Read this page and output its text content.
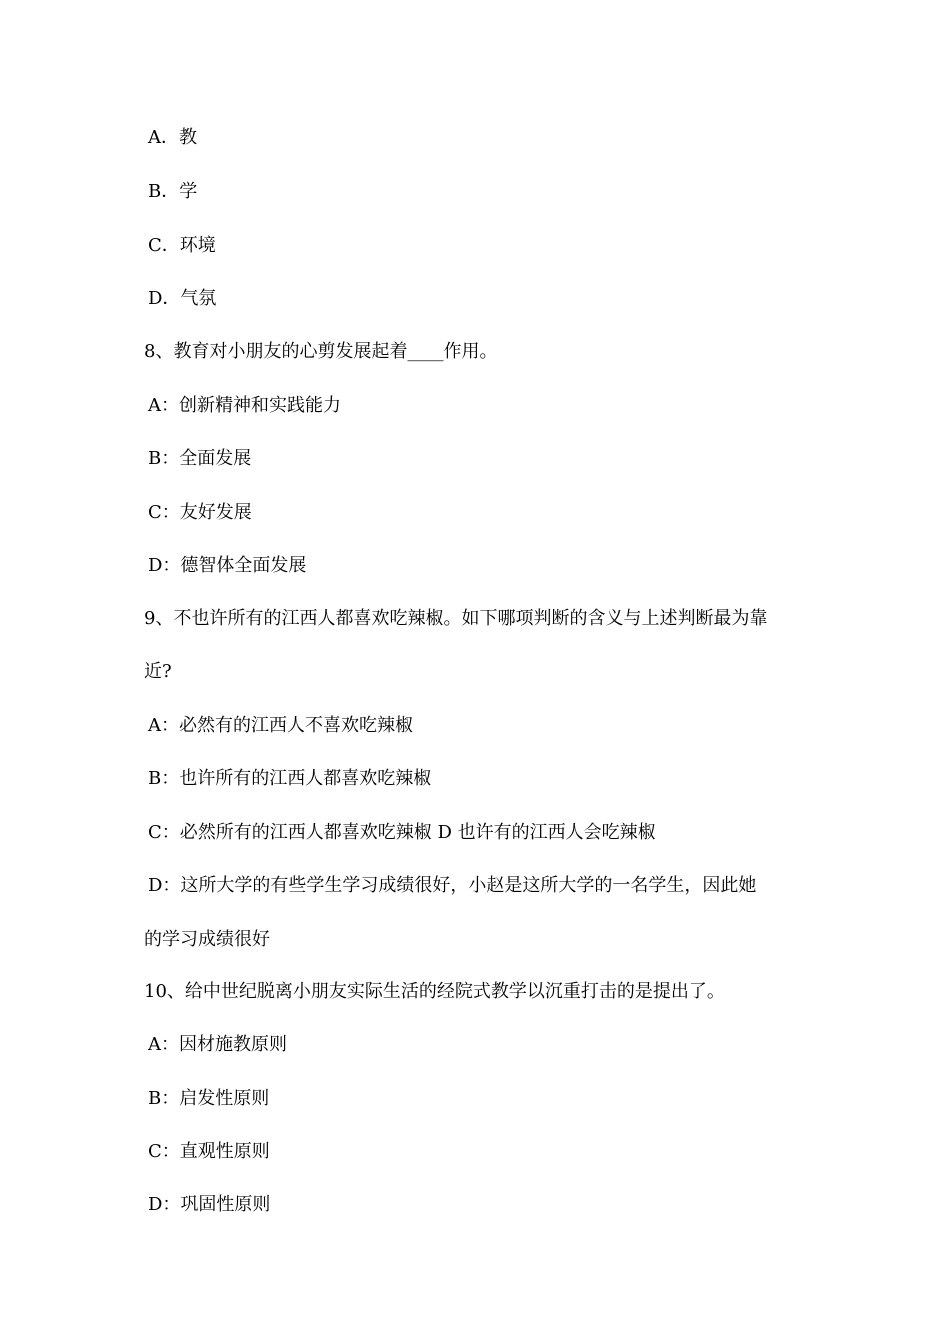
A．教
B．学
C．环境
D．气氛
8、教育对小朋友的心剪发展起着____作用。
A：创新精神和实践能力
B：全面发展
C：友好发展
D：德智体全面发展
9、不也许所有的江西人都喜欢吃辣椒。如下哪项判断的含义与上述判断最为靠
近?
A：必然有的江西人不喜欢吃辣椒
B：也许所有的江西人都喜欢吃辣椒
C：必然所有的江西人都喜欢吃辣椒 D 也许有的江西人会吃辣椒
D：这所大学的有些学生学习成绩很好，小赵是这所大学的一名学生，因此她
的学习成绩很好
10、给中世纪脱离小朋友实际生活的经院式教学以沉重打击的是提出了。
A：因材施教原则
B：启发性原则
C：直观性原则
D：巩固性原则
